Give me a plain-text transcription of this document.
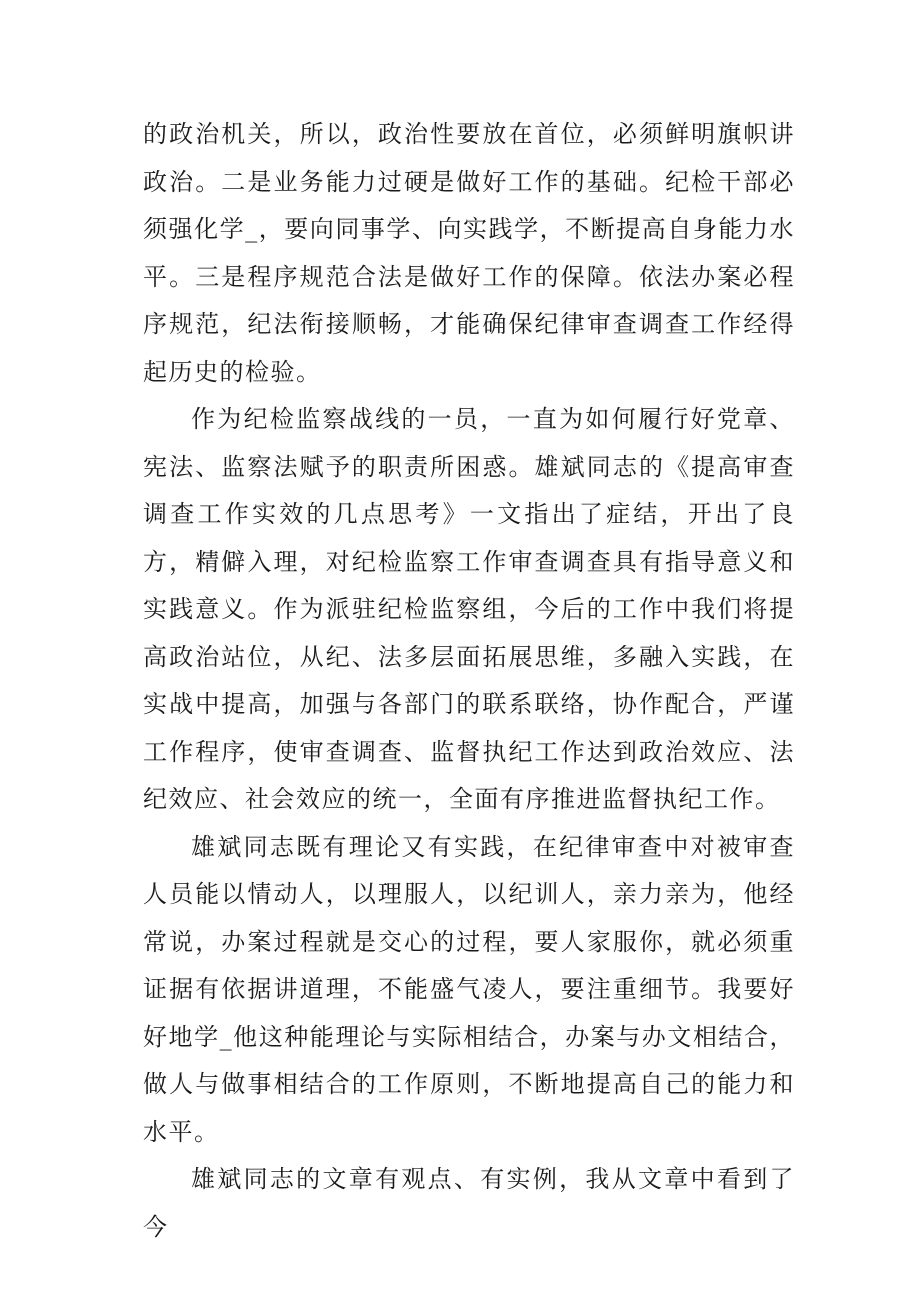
的政治机关，所以，政治性要放在首位，必须鲜明旗帜讲政治。二是业务能力过硬是做好工作的基础。纪检干部必须强化学_，要向同事学、向实践学，不断提高自身能力水平。三是程序规范合法是做好工作的保障。依法办案必程序规范，纪法衔接顺畅，才能确保纪律审查调查工作经得起历史的检验。

作为纪检监察战线的一员，一直为如何履行好党章、宪法、监察法赋予的职责所困惑。雄斌同志的《提高审查调查工作实效的几点思考》一文指出了症结，开出了良方，精僻入理，对纪检监察工作审查调查具有指导意义和实践意义。作为派驻纪检监察组，今后的工作中我们将提高政治站位，从纪、法多层面拓展思维，多融入实践，在实战中提高，加强与各部门的联系联络，协作配合，严谨工作程序，使审查调查、监督执纪工作达到政治效应、法纪效应、社会效应的统一，全面有序推进监督执纪工作。

雄斌同志既有理论又有实践，在纪律审查中对被审查人员能以情动人，以理服人，以纪训人，亲力亲为，他经常说，办案过程就是交心的过程，要人家服你，就必须重证据有依据讲道理，不能盛气凌人，要注重细节。我要好好地学_他这种能理论与实际相结合，办案与办文相结合，做人与做事相结合的工作原则，不断地提高自己的能力和水平。

雄斌同志的文章有观点、有实例，我从文章中看到了今
